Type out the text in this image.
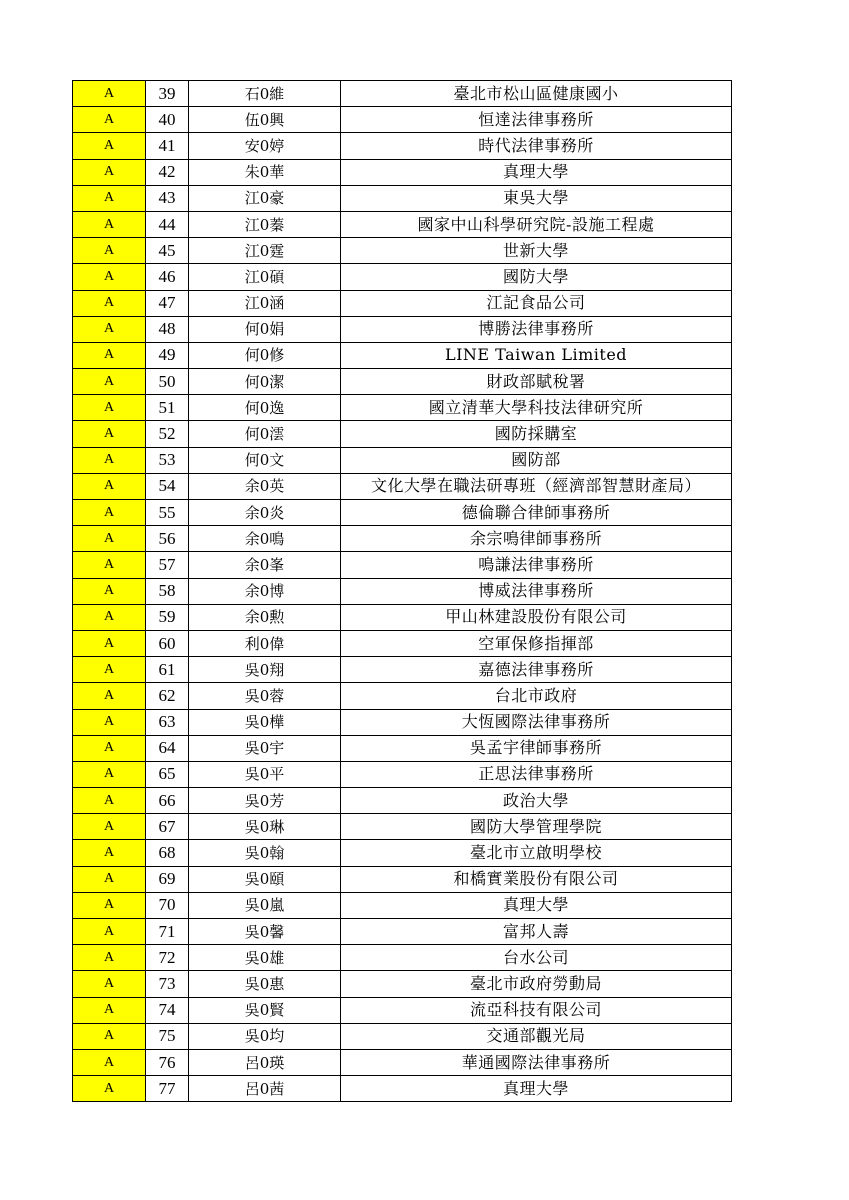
A	39	石0維	臺北市松山區健康國小
A	40	伍0興	恒達法律事務所
A	41	安0婷	時代法律事務所
A	42	朱0華	真理大學
A	43	江0豪	東吳大學
A	44	江0蓁	國家中山科學研究院-設施工程處
A	45	江0霆	世新大學
A	46	江0碩	國防大學
A	47	江0涵	江記食品公司
A	48	何0娟	博勝法律事務所
A	49	何0修	LINE Taiwan Limited
A	50	何0潔	財政部賦稅署
A	51	何0逸	國立清華大學科技法律研究所
A	52	何0澐	國防採購室
A	53	何0文	國防部
A	54	余0英	文化大學在職法研專班（經濟部智慧財產局）
A	55	余0炎	德倫聯合律師事務所
A	56	余0鳴	余宗鳴律師事務所
A	57	余0峯	鳴謙法律事務所
A	58	余0博	博威法律事務所
A	59	余0勲	甲山林建設股份有限公司
A	60	利0偉	空軍保修指揮部
A	61	吳0翔	嘉德法律事務所
A	62	吳0蓉	台北市政府
A	63	吳0樺	大恆國際法律事務所
A	64	吳0宇	吳孟宇律師事務所
A	65	吳0平	正思法律事務所
A	66	吳0芳	政治大學
A	67	吳0琳	國防大學管理學院
A	68	吳0翰	臺北市立啟明學校
A	69	吳0頤	和橋實業股份有限公司
A	70	吳0嵐	真理大學
A	71	吳0馨	富邦人壽
A	72	吳0雄	台水公司
A	73	吳0惠	臺北市政府勞動局
A	74	吳0賢	流亞科技有限公司
A	75	吳0均	交通部觀光局
A	76	呂0瑛	華通國際法律事務所
A	77	呂0茜	真理大學
